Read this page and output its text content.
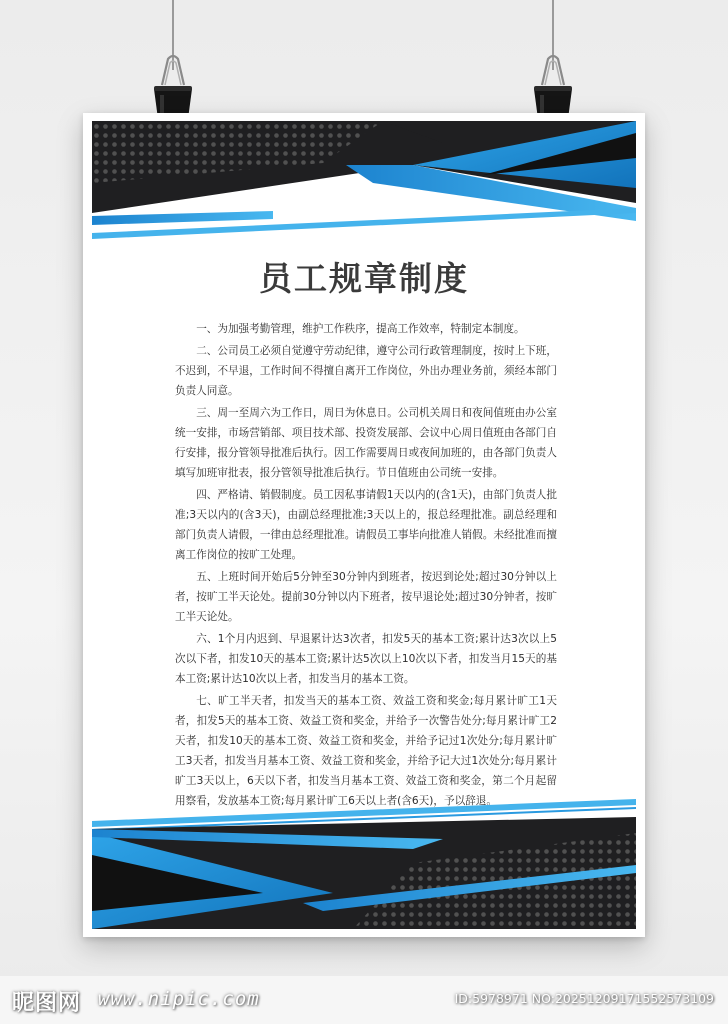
员工规章制度

一、为加强考勤管理，维护工作秩序，提高工作效率，特制定本制度。

二、公司员工必须自觉遵守劳动纪律，遵守公司行政管理制度，按时上下班，不迟到，不早退，工作时间不得擅自离开工作岗位，外出办理业务前，须经本部门负责人同意。

三、周一至周六为工作日，周日为休息日。公司机关周日和夜间值班由办公室统一安排，市场营销部、项目技术部、投资发展部、会议中心周日值班由各部门自行安排，报分管领导批准后执行。因工作需要周日或夜间加班的，由各部门负责人填写加班审批表，报分管领导批准后执行。节日值班由公司统一安排。

四、严格请、销假制度。员工因私事请假1天以内的(含1天)，由部门负责人批准;3天以内的(含3天)，由副总经理批准;3天以上的，报总经理批准。副总经理和部门负责人请假，一律由总经理批准。请假员工事毕向批准人销假。未经批准而擅离工作岗位的按旷工处理。

五、上班时间开始后5分钟至30分钟内到班者，按迟到论处;超过30分钟以上者，按旷工半天论处。提前30分钟以内下班者，按早退论处;超过30分钟者，按旷工半天论处。

六、1个月内迟到、早退累计达3次者，扣发5天的基本工资;累计达3次以上5次以下者，扣发10天的基本工资;累计达5次以上10次以下者，扣发当月15天的基本工资;累计达10次以上者，扣发当月的基本工资。

七、旷工半天者，扣发当天的基本工资、效益工资和奖金;每月累计旷工1天者，扣发5天的基本工资、效益工资和奖金，并给予一次警告处分;每月累计旷工2天者，扣发10天的基本工资、效益工资和奖金，并给予记过1次处分;每月累计旷工3天者，扣发当月基本工资、效益工资和奖金，并给予记大过1次处分;每月累计旷工3天以上，6天以下者，扣发当月基本工资、效益工资和奖金，第二个月起留用察看，发放基本工资;每月累计旷工6天以上者(含6天)，予以辞退。

昵图网 www.nipic.com	ID:5978971 NO:20251209171552573109
